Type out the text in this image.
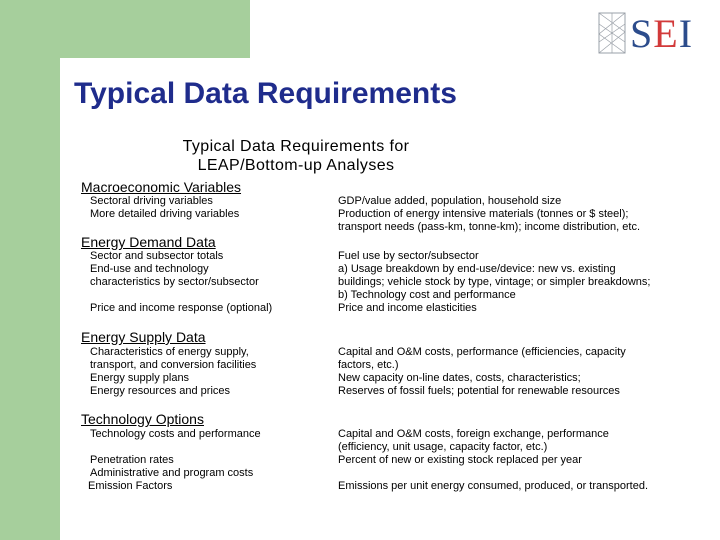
SEI
Typical Data Requirements
Typical Data Requirements for
LEAP/Bottom-up Analyses
Macroeconomic Variables
Sectoral driving variables
More detailed driving variables
GDP/value added, population, household size
Production of energy intensive materials (tonnes or $ steel);
transport needs (pass-km, tonne-km); income distribution, etc.
Energy Demand Data
Sector and subsector totals
End-use and technology
characteristics by sector/subsector
Price and income response (optional)
Fuel use by sector/subsector
a) Usage breakdown by end-use/device: new vs. existing
buildings; vehicle stock by type, vintage; or simpler breakdowns;
b) Technology cost and performance
Price and income elasticities
Energy Supply Data
Characteristics of energy supply,
transport, and conversion facilities
Energy supply plans
Energy resources and prices
Capital and O&M costs, performance (efficiencies, capacity
factors, etc.)
New capacity on-line dates, costs, characteristics;
Reserves of fossil fuels; potential for renewable resources
Technology Options
Technology costs and performance
Penetration rates
Administrative and program costs
Emission Factors
Capital and O&M costs, foreign exchange, performance
(efficiency, unit usage, capacity factor, etc.)
Percent of new or existing stock replaced per year
Emissions per unit energy consumed, produced, or transported.
